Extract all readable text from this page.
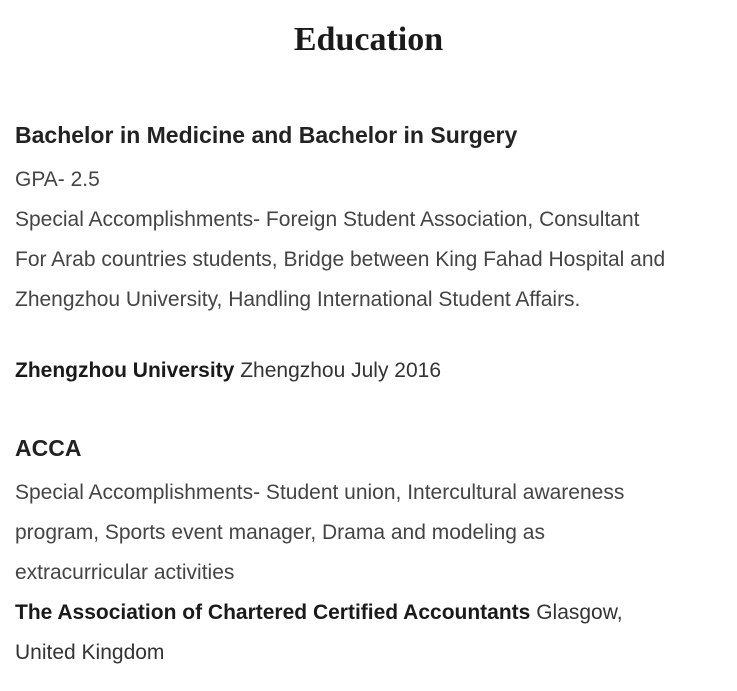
Education
Bachelor in Medicine and Bachelor in Surgery

GPA- 2.5

Special Accomplishments- Foreign Student Association, Consultant

For Arab countries students, Bridge between King Fahad Hospital and

Zhengzhou University, Handling International Student Affairs.

Zhengzhou University Zhengzhou July 2016

ACCA

Special Accomplishments- Student union, Intercultural awareness

program, Sports event manager, Drama and modeling as

extracurricular activities

The Association of Chartered Certified Accountants Glasgow,

United Kingdom
